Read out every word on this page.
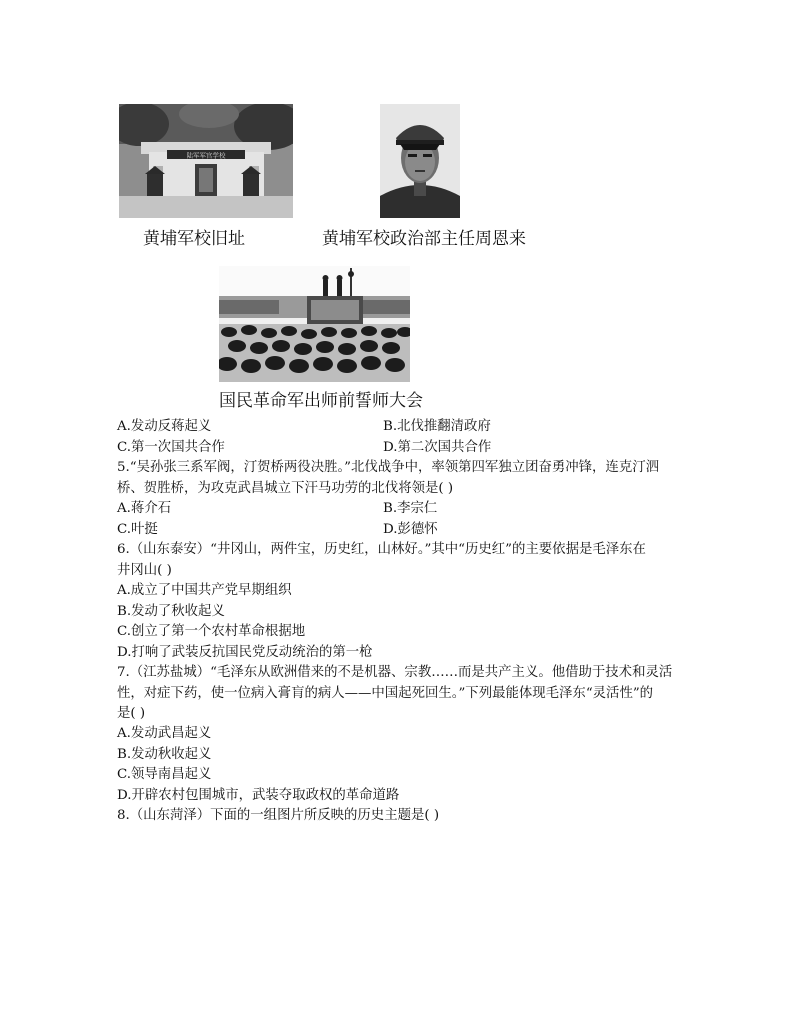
陆军军官学校
黄埔军校旧址	黄埔军校政治部主任周恩来
国民革命军出师前誓师大会
A.发动反蒋起义	B.北伐推翻清政府
C.第一次国共合作	D.第二次国共合作
5.“吴孙张三系军阀，汀贺桥两役决胜。”北伐战争中，率领第四军独立团奋勇冲锋，连克汀泗
桥、贺胜桥，为攻克武昌城立下汗马功劳的北伐将领是( )
A.蒋介石	B.李宗仁
C.叶挺	D.彭德怀
6.（山东泰安）“井冈山，两件宝，历史红，山林好。”其中“历史红”的主要依据是毛泽东在
井冈山( )
A.成立了中国共产党早期组织
B.发动了秋收起义
C.创立了第一个农村革命根据地
D.打响了武装反抗国民党反动统治的第一枪
7.（江苏盐城）“毛泽东从欧洲借来的不是机器、宗教……而是共产主义。他借助于技术和灵活
性，对症下药，使一位病入膏肓的病人——中国起死回生。”下列最能体现毛泽东“灵活性”的
是( )
A.发动武昌起义
B.发动秋收起义
C.领导南昌起义
D.开辟农村包围城市，武装夺取政权的革命道路
8.（山东菏泽）下面的一组图片所反映的历史主题是( )
